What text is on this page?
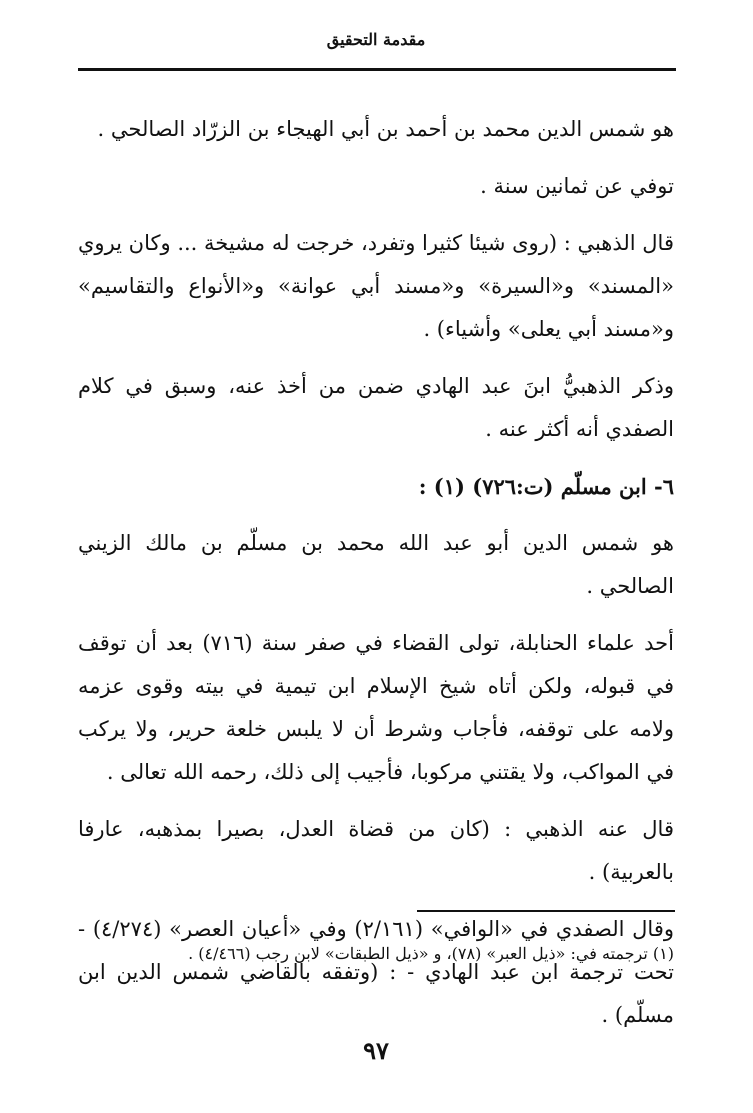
مقدمة التحقيق

هو شمس الدين محمد بن أحمد بن أبي الهيجاء بن الزرّاد الصالحي .

توفي عن ثمانين سنة .

قال الذهبي : (روى شيئا كثيرا وتفرد، خرجت له مشيخة ... وكان يروي «المسند» و«السيرة» و«مسند أبي عوانة» و«الأنواع والتقاسيم» و«مسند أبي يعلى» وأشياء) .

وذكر الذهبيُّ ابنَ عبد الهادي ضمن من أخذ عنه، وسبق في كلام الصفدي أنه أكثر عنه .

٦- ابن مسلّم (ت:٧٢٦) (١) :

هو شمس الدين أبو عبد الله محمد بن مسلّم بن مالك الزيني الصالحي .

أحد علماء الحنابلة، تولى القضاء في صفر سنة (٧١٦) بعد أن توقف في قبوله، ولكن أتاه شيخ الإسلام ابن تيمية في بيته وقوى عزمه ولامه على توقفه، فأجاب وشرط أن لا يلبس خلعة حرير، ولا يركب في المواكب، ولا يقتني مركوبا، فأجيب إلى ذلك، رحمه الله تعالى .

قال عنه الذهبي : (كان من قضاة العدل، بصيرا بمذهبه، عارفا بالعربية) .

وقال الصفدي في «الوافي» (٢/١٦١) وفي «أعيان العصر» (٤/٢٧٤) - تحت ترجمة ابن عبد الهادي - : (وتفقه بالقاضي شمس الدين ابن مسلّم) .

(١) ترجمته في: «ذيل العبر» (٧٨)، و «ذيل الطبقات» لابن رجب (٤/٤٦٦) .
٩٧
